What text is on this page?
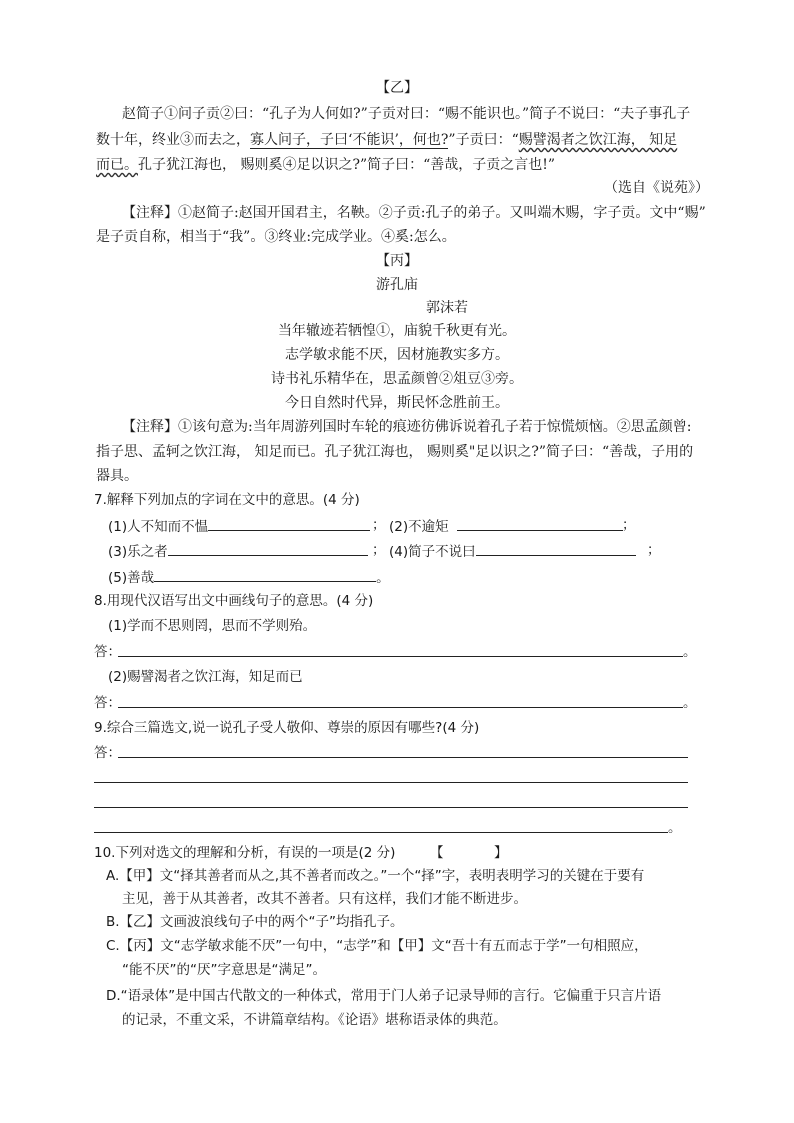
【乙】
赵简子①问子贡②曰：“孔子为人何如?”子贡对曰：“赐不能识也。”简子不说曰：“夫子事孔子
数十年，终业③而去之，寡人问子，子曰‘不能识’，何也?”子贡曰：“赐譬渴者之饮江海， 知足
而已。孔子犹江海也， 赐则奚④足以识之?”简子曰：“善哉，子贡之言也!”
（选自《说苑》）
【注释】①赵简子:赵国开国君主，名鞅。②子贡:孔子的弟子。又叫端木赐，字子贡。文中“赐”
是子贡自称，相当于“我”。③终业:完成学业。④奚:怎么。
【丙】
游孔庙
郭沫若
当年辙迹若牺惶①，庙貌千秋更有光。
志学敏求能不厌，因材施教实多方。
诗书礼乐精华在，思孟颜曾②俎豆③旁。
今日自然时代异，斯民怀念胜前王。
【注释】①该句意为:当年周游列国时车轮的痕迹彷佛诉说着孔子若于惊慌烦恼。②思孟颜曾:
指子思、孟轲之饮江海， 知足而已。孔子犹江海也， 赐则奚"足以识之?”简子曰：“善哉，子用的
器具。
7.解释下列加点的字词在文中的意思。(4 分)
(1)人不知而不愠	； (2)不逾矩	；
(3)乐之者	； (4)简子不说曰	；
(5)善哉	。
8.用现代汉语写出文中画线句子的意思。(4 分)
(1)学而不思则罔，思而不学则殆。
答：	。
(2)赐譬渴者之饮江海，知足而已
答：	。
9.综合三篇选文,说一说孔子受人敬仰、尊崇的原因有哪些?(4 分)
答：
。
10.下列对选文的理解和分析，有误的一项是(2 分)	【	】
A.【甲】文“择其善者而从之,其不善者而改之。”一个“择”字，表明表明学习的关键在于要有
主见，善于从其善者，改其不善者。只有这样，我们才能不断进步。
B.【乙】文画波浪线句子中的两个“子”均指孔子。
C.【丙】文“志学敏求能不厌”一句中，“志学”和【甲】文“吾十有五而志于学”一句相照应，
“能不厌”的“厌”字意思是“满足”。
D.“语录体”是中国古代散文的一种体式，常用于门人弟子记录导师的言行。它偏重于只言片语
的记录，不重文采，不讲篇章结构。《论语》堪称语录体的典范。
